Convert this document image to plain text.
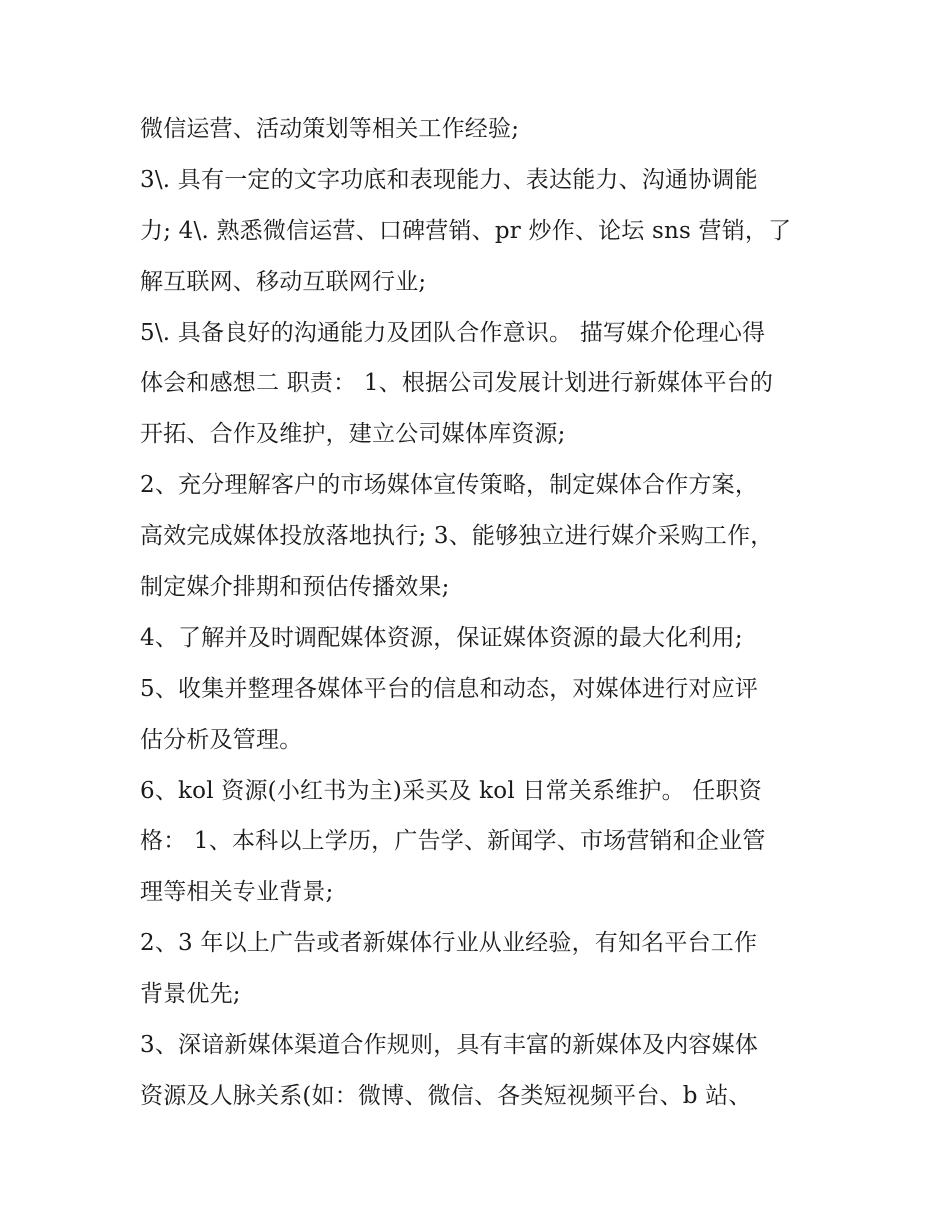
微信运营、活动策划等相关工作经验;
3\. 具有一定的文字功底和表现能力、表达能力、沟通协调能
力; 4\. 熟悉微信运营、口碑营销、pr 炒作、论坛 sns 营销，了
解互联网、移动互联网行业;
5\. 具备良好的沟通能力及团队合作意识。 描写媒介伦理心得
体会和感想二 职责： 1、根据公司发展计划进行新媒体平台的
开拓、合作及维护，建立公司媒体库资源;
2、充分理解客户的市场媒体宣传策略，制定媒体合作方案，
高效完成媒体投放落地执行; 3、能够独立进行媒介采购工作，
制定媒介排期和预估传播效果;
4、了解并及时调配媒体资源，保证媒体资源的最大化利用;
5、收集并整理各媒体平台的信息和动态，对媒体进行对应评
估分析及管理。
6、kol 资源(小红书为主)采买及 kol 日常关系维护。 任职资
格： 1、本科以上学历，广告学、新闻学、市场营销和企业管
理等相关专业背景;
2、3 年以上广告或者新媒体行业从业经验，有知名平台工作
背景优先;
3、深谙新媒体渠道合作规则，具有丰富的新媒体及内容媒体
资源及人脉关系(如：微博、微信、各类短视频平台、b 站、
